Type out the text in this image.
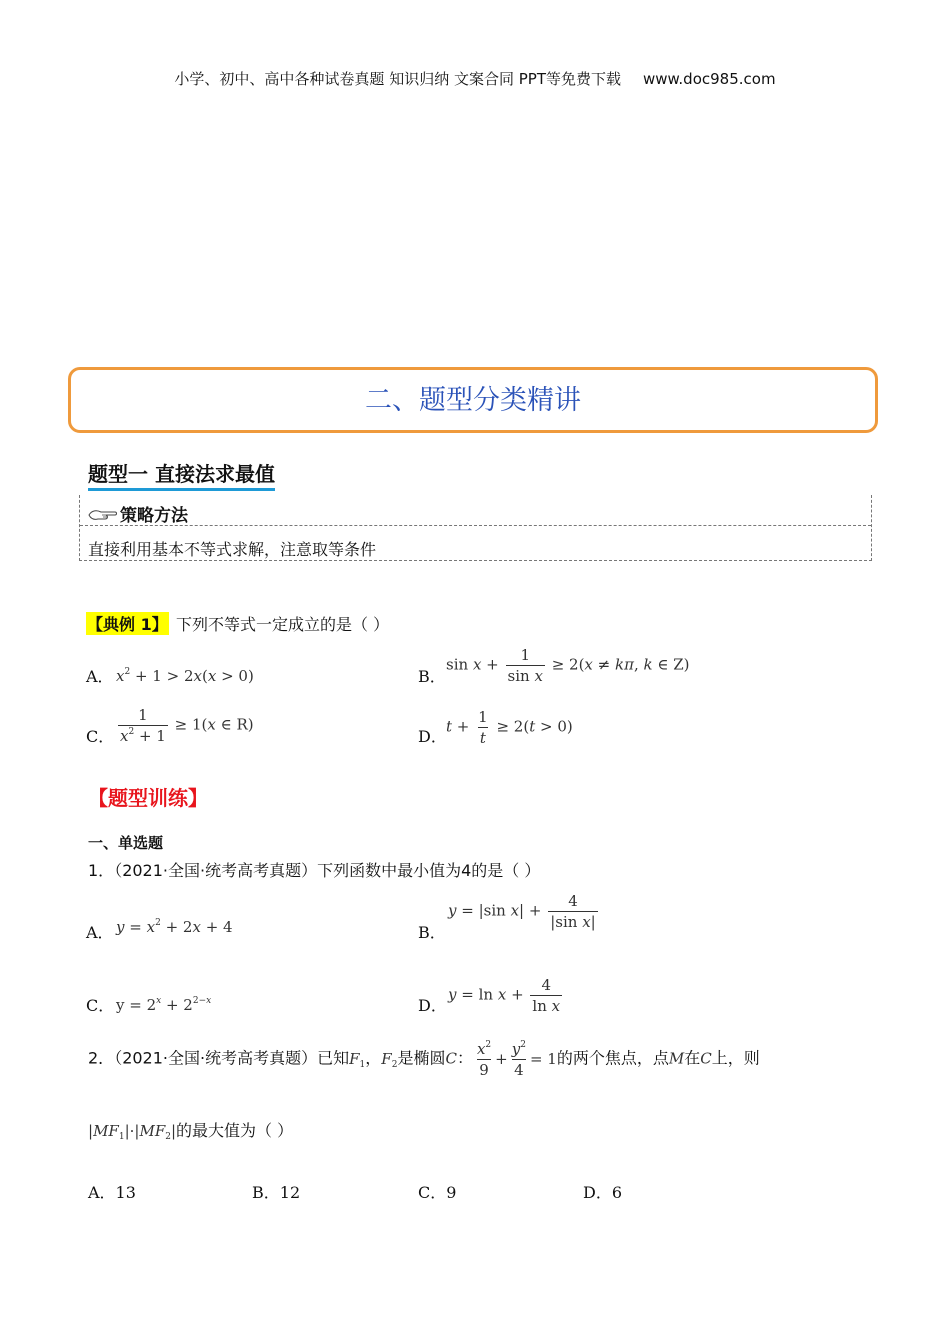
小学、初中、高中各种试卷真题 知识归纳 文案合同 PPT等免费下载 www.doc985.com
二、题型分类精讲
题型一 直接法求最值
策略方法
直接利用基本不等式求解，注意取等条件
【典例 1】 下列不等式一定成立的是（ ）
A． $x^2 + 1 > 2x(x > 0)$	B．
$\sin x + \frac{1}{\text{sin x}} \ge 2(x \ne k\pi$, k ∈ Z)
C． $\frac{1}{x^2 + 1} \ge 1(x$ ∈ R)
D．
$t + \frac{1}{t} \ge 2(t > 0)$
【题型训练】
一、单选题
1．（2021·全国·统考高考真题）下列函数中最小值为4的是（ ）
A． $y = x^2 + 2x + 4$	B．
y = |sin $x| + \frac{4}{\text{|sin x|}}$
C． $y = 2^x + 2^{2-x}$	D．
$y = \ln x + \frac{4}{\text{ln x}}$
2．（2021·全国·统考高考真题）已知$F_1$，$F_2$是椭圆C： $\frac{x^2}{9} + \frac{y^2}{4} = 1$的两个焦点，点M在C上，则
$|MF_1|\cdot|MF_2|$的最大值为（ ）
A．13	B．12	C．9	D．6
